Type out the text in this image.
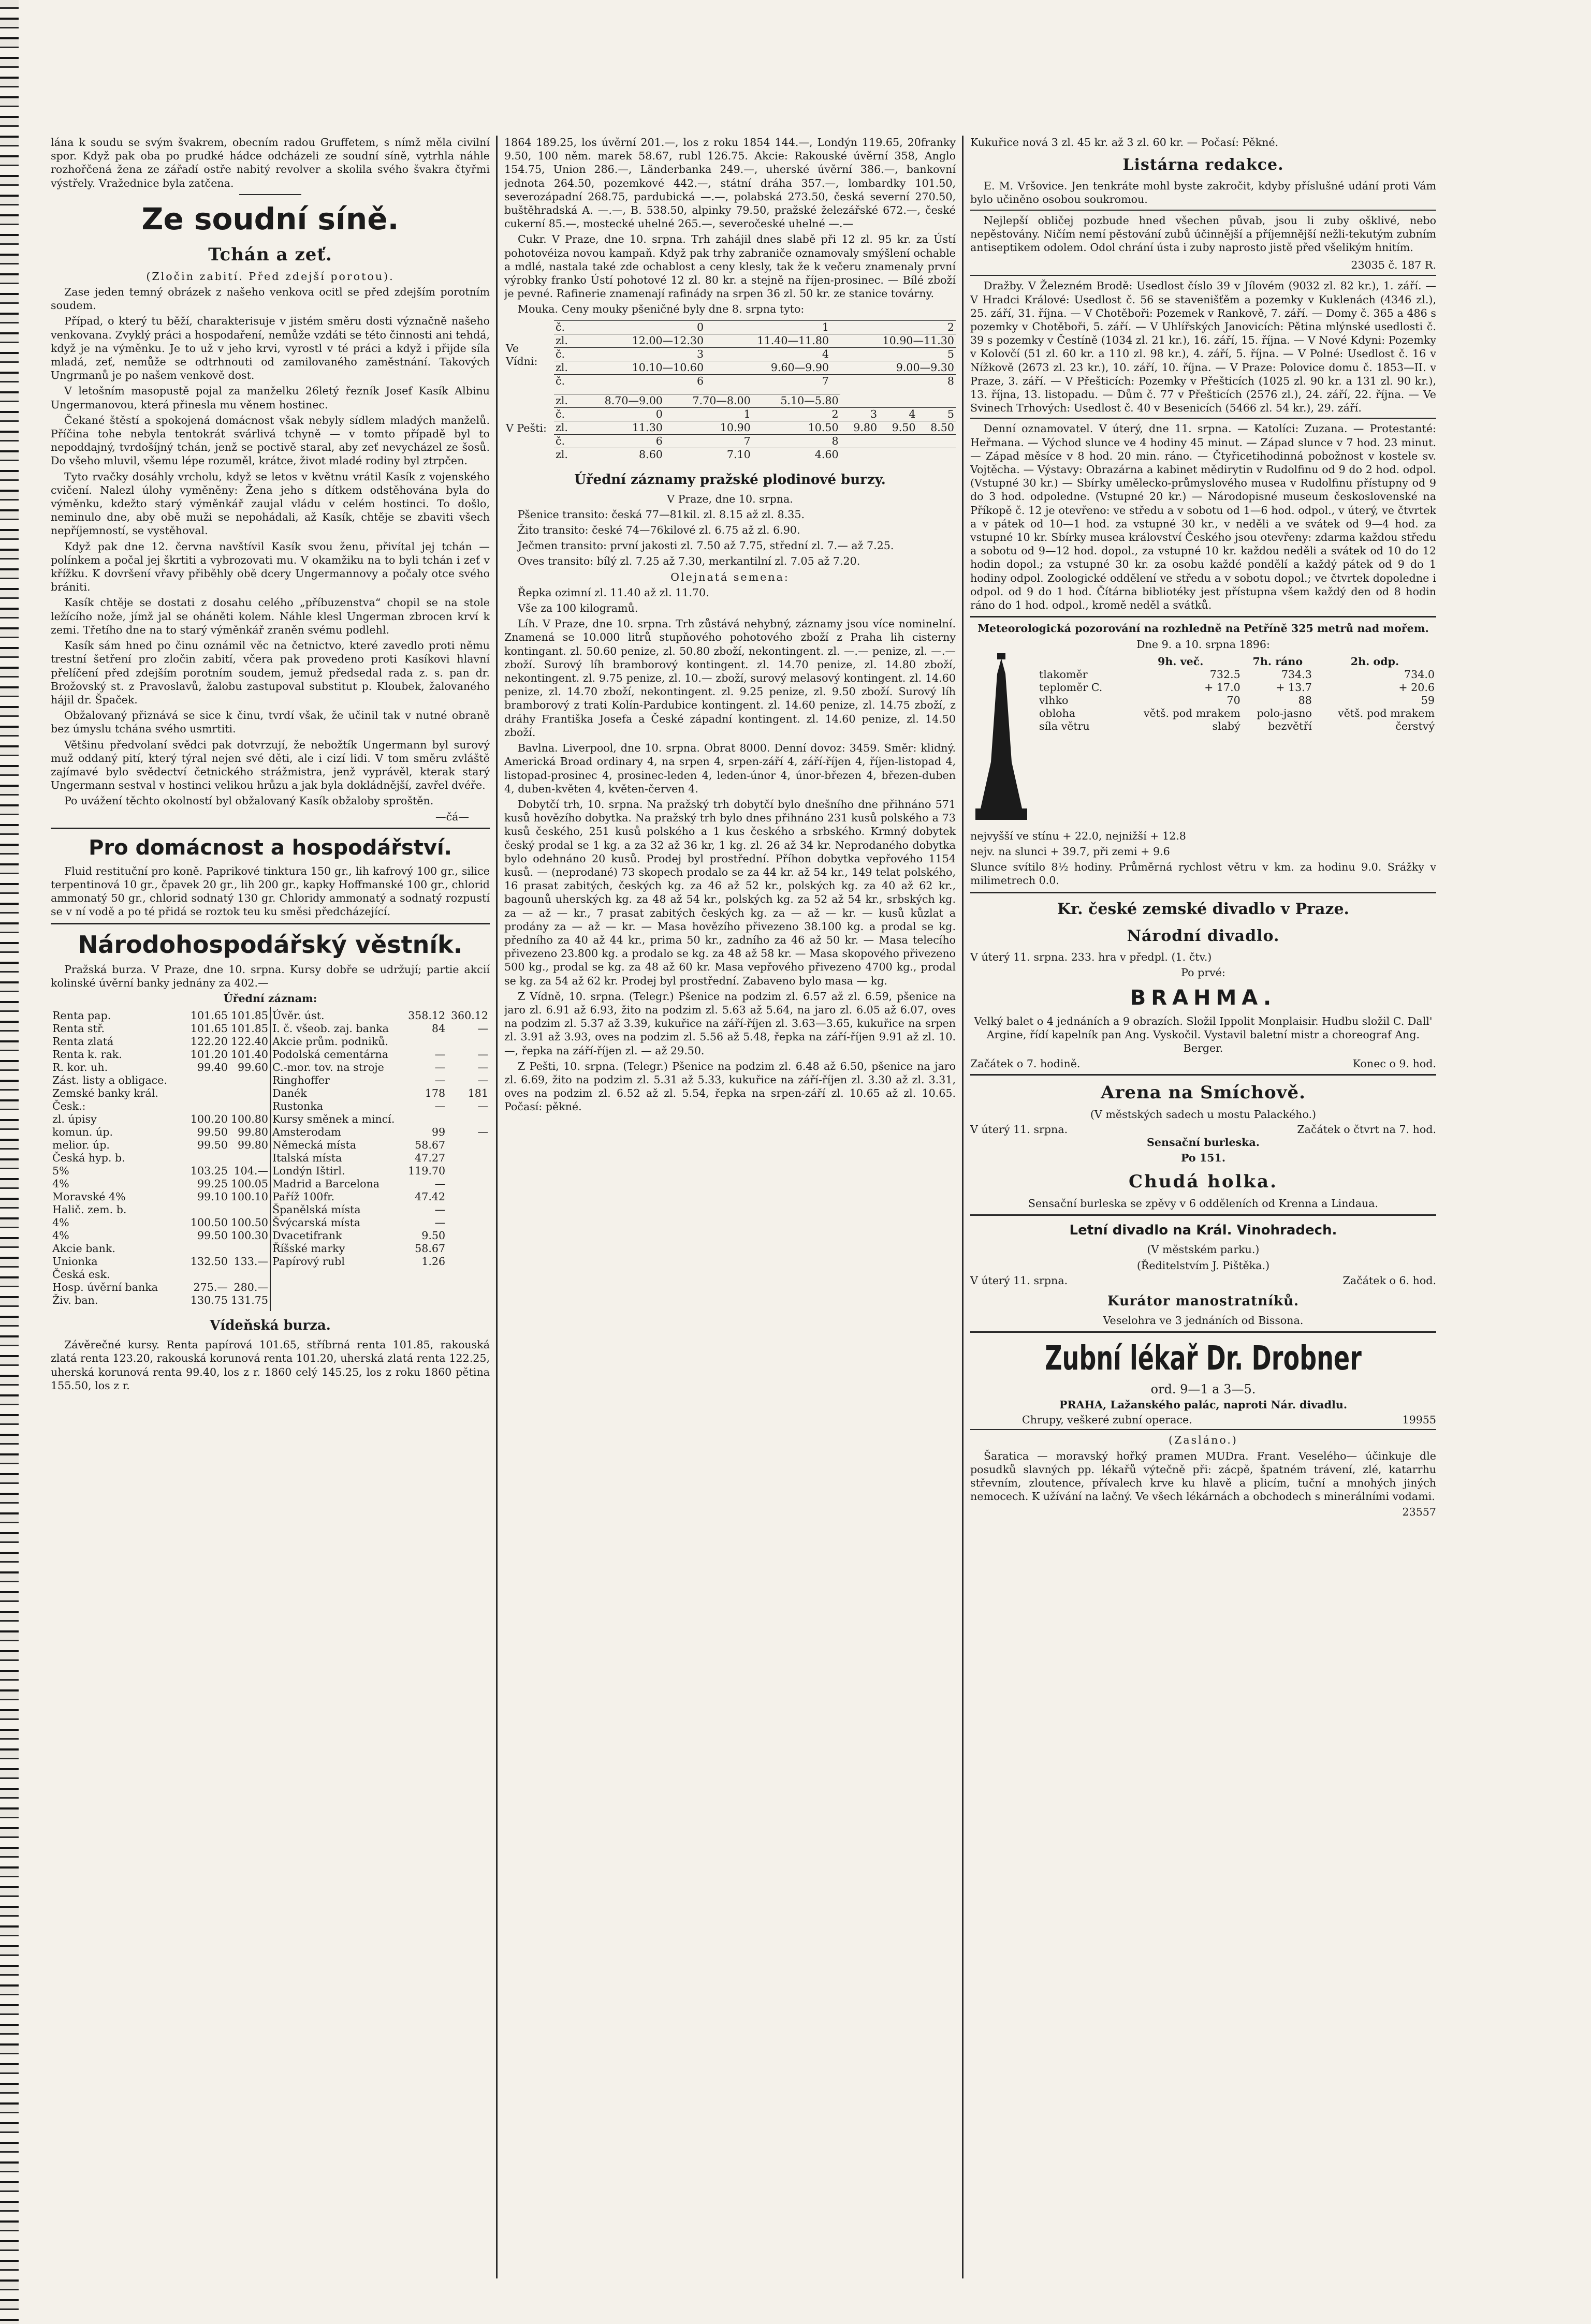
lána k soudu se svým švakrem, obecním radou Gruffetem, s nímž měla civilní spor. Když pak oba po prudké hádce odcházeli ze soudní síně, vytrhla náhle rozhořčená žena ze zářadí ostře nabitý revolver a skolila svého švakra čtyřmi výstřely. Vražednice byla zatčena.

Ze soudní síně.
Tchán a zeť.

(Zločin zabití. Před zdejší porotou).

Zase jeden temný obrázek z našeho venkova ocitl se před zdejším porotním soudem.

Případ, o který tu běží, charakterisuje v jistém směru dosti význačně našeho venkovana. Zvyklý práci a hospodaření, nemůže vzdáti se této činnosti ani tehdá, když je na výměnku. Je to už v jeho krvi, vyrostl v té práci a když i přijde síla mladá, zeť, nemůže se odtrhnouti od zamilovaného zaměstnání. Takových Ungrmanů je po našem venkově dost.

V letošním masopustě pojal za manželku 26letý řezník Josef Kasík Albinu Ungermanovou, která přinesla mu věnem hostinec.

Čekané štěstí a spokojená domácnost však nebyly sídlem mladých manželů. Příčina tohe nebyla tentokrát svárlivá tchyně — v tomto případě byl to nepoddajný, tvrdošíjný tchán, jenž se poctivě staral, aby zeť nevycházel ze šosů. Do všeho mluvil, všemu lépe rozuměl, krátce, život mladé rodiny byl ztrpčen.

Tyto rvačky dosáhly vrcholu, když se letos v květnu vrátil Kasík z vojenského cvičení. Nalezl úlohy vyměněny: Žena jeho s dítkem odstěhována byla do výměnku, kdežto starý výměnkář zaujal vládu v celém hostinci. To došlo, neminulo dne, aby obě muži se nepohádali, až Kasík, chtěje se zbaviti všech nepříjemností, se vystěhoval.

Když pak dne 12. června navštívil Kasík svou ženu, přivítal jej tchán — polínkem a počal jej škrtiti a vybrozovati mu. V okamžiku na to byli tchán i zeť v křížku. K dovršení vřavy přiběhly obě dcery Ungermannovy a počaly otce svého brániti.

Kasík chtěje se dostati z dosahu celého „příbuzenstva“ chopil se na stole ležícího nože, jímž jal se oháněti kolem. Náhle klesl Ungerman zbrocen krví k zemi. Třetího dne na to starý výměnkář zraněn svému podlehl.

Kasík sám hned po činu oznámil věc na četnictvo, které zavedlo proti němu trestní šetření pro zločin zabití, včera pak provedeno proti Kasíkovi hlavní přelíčení před zdejším porotním soudem, jemuž předsedal rada z. s. pan dr. Brožovský st. z Pravoslavů, žalobu zastupoval substitut p. Kloubek, žalovaného hájil dr. Špaček.

Obžalovaný přiznává se sice k činu, tvrdí však, že učinil tak v nutné obraně bez úmyslu tchána svého usmrtiti.

Většinu předvolaní svědci pak dotvrzují, že nebožtík Ungermann byl surový muž oddaný pití, který týral nejen své děti, ale i cizí lidi. V tom směru zvláště zajímavé bylo svědectví četnického strážmistra, jenž vyprávěl, kterak starý Ungermann sestval v hostinci velikou hrůzu a jak byla dokládnější, zavřel dvéře.

Po uvážení těchto okolností byl obžalovaný Kasík obžaloby sproštěn.

—čá—

Pro domácnost a hospodářství.

Fluid restituční pro koně. Paprikové tinktura 150 gr., lih kafrový 100 gr., silice terpentinová 10 gr., čpavek 20 gr., lih 200 gr., kapky Hoffmanské 100 gr., chlorid ammonatý 50 gr., chlorid sodnatý 130 gr. Chloridy ammonatý a sodnatý rozpustí se v ní vodě a po té přidá se roztok teu ku směsi předcházející.

Národohospodářský věstník.

Pražská burza. V Praze, dne 10. srpna. Kursy dobře se udržují; partie akcií kolinské úvěrní banky jednány za 402.—

Úřední záznam:

Renta pap.	101.65	101.85
Renta stř.	101.65	101.85
Renta zlatá	122.20	122.40
Renta k. rak.	101.20	101.40
R. kor. uh.	99.40	99.60
Zást. listy a obligace.		
Zemské banky král. Česk.:		
zl. úpisy	100.20	100.80
komun. úp.	99.50	99.80
melior. úp.	99.50	99.80
Česká hyp. b.		
5%	103.25	104.—
4%	99.25	100.05
Moravské 4%	99.10	100.10
Halič. zem. b.		
4%	100.50	100.50
4%	99.50	100.30
Akcie bank.		
Unionka	132.50	133.—
Česká esk.		
Hosp. úvěrní banka	275.—	280.—
Živ. ban.	130.75	131.75

Úvěr. úst.	358.12	360.12
I. č. všeob. zaj. banka	84	—
Akcie prům. podniků.		
Podolská cementárna	—	—
C.-mor. tov. na stroje	—	—
Ringhoffer	—	—
Danék	178	181
Rustonka	—	—
Kursy směnek a mincí.		
Amsterodam	99	—
Německá místa	58.67	
Italská místa	47.27	
Londýn Ištirl.	119.70	
Madrid a Barcelona	—	
Paříž 100fr.	47.42	
Španělská místa	—	
Švýcarská místa	—	
Dvacetifrank	9.50	
Říšské marky	58.67	
Papírový rubl	1.26	
Vídeňská burza.

Závěrečné kursy. Renta papírová 101.65, stříbrná renta 101.85, rakouská zlatá renta 123.20, rakouská korunová renta 101.20, uherská zlatá renta 122.25, uherská korunová renta 99.40, los z r. 1860 celý 145.25, los z roku 1860 pětina 155.50, los z r.

1864 189.25, los úvěrní 201.—, los z roku 1854 144.—, Londýn 119.65, 20franky 9.50, 100 něm. marek 58.67, rubl 126.75. Akcie: Rakouské úvěrní 358, Anglo 154.75, Union 286.—, Länderbanka 249.—, uherské úvěrní 386.—, bankovní jednota 264.50, pozemkové 442.—, státní dráha 357.—, lombardky 101.50, severozápadní 268.75, pardubická —.—, polabská 273.50, česká severní 270.50, buštěhradská A. —.—, B. 538.50, alpinky 79.50, pražské železářské 672.—, české cukerní 85.—, mostecké uhelné 265.—, severočeské uhelné —.—

Cukr. V Praze, dne 10. srpna. Trh zahájil dnes slabě při 12 zl. 95 kr. za Ústí pohotovéiza novou kampaň. Když pak trhy zabraniče oznamovaly smýšlení ochable a mdlé, nastala také zde ochablost a ceny klesly, tak že k večeru znamenaly první výrobky franko Ústí pohotové 12 zl. 80 kr. a stejně na říjen-prosinec. — Bílé zboží je pevné. Rafinerie znamenají rafinády na srpen 36 zl. 50 kr. ze stanice továrny.

Mouka. Ceny mouky pšeničné byly dne 8. srpna tyto:

Ve Vídni:	
č.	0	1	2
zl.	12.00—12.30	11.40—11.80	10.90—11.30
č.	3	4	5
zl.	10.10—10.60	9.60—9.90	9.00—9.30
č.	6	7	8

V Pešti:	
zl.	8.70—9.00	7.70—8.00	5.10—5.80
č.	0	1	2	3	4	5
zl.	11.30	10.90	10.50	9.80	9.50	8.50
č.	6	7	8			
zl.	8.60	7.10	4.60			
Úřední záznamy pražské plodinové burzy.

V Praze, dne 10. srpna.

Pšenice transito: česká 77—81kil. zl. 8.15 až zl. 8.35.

Žito transito: české 74—76kilové zl. 6.75 až zl. 6.90.

Ječmen transito: první jakosti zl. 7.50 až 7.75, střední zl. 7.— až 7.25.

Oves transito: bílý zl. 7.25 až 7.30, merkantilní zl. 7.05 až 7.20.

Olejnatá semena:

Řepka ozimní zl. 11.40 až zl. 11.70.

Vše za 100 kilogramů.

Líh. V Praze, dne 10. srpna. Trh zůstává nehybný, záznamy jsou více nominelní. Znamená se 10.000 litrů stupňového pohotového zboží z Praha lih cisterny kontingant. zl. 50.60 penize, zl. 50.80 zboží, nekontingent. zl. —.— penize, zl. —.— zboží. Surový líh bramborový kontingent. zl. 14.70 penize, zl. 14.80 zboží, nekontingent. zl. 9.75 penize, zl. 10.— zboží, surový melasový kontingent. zl. 14.60 penize, zl. 14.70 zboží, nekontingent. zl. 9.25 penize, zl. 9.50 zboží. Surový líh bramborový z trati Kolín-Pardubice kontingent. zl. 14.60 penize, zl. 14.75 zboží, z dráhy Františka Josefa a České západní kontingent. zl. 14.60 penize, zl. 14.50 zboží.

Bavlna. Liverpool, dne 10. srpna. Obrat 8000. Denní dovoz: 3459. Směr: klidný. Americká Broad ordinary 4, na srpen 4, srpen-září 4, září-říjen 4, říjen-listopad 4, listopad-prosinec 4, prosinec-leden 4, leden-únor 4, únor-březen 4, březen-duben 4, duben-květen 4, květen-červen 4.

Dobytčí trh, 10. srpna. Na pražský trh dobytčí bylo dnešního dne přihnáno 571 kusů hovězího dobytka. Na pražský trh bylo dnes přihnáno 231 kusů polského a 73 kusů českého, 251 kusů polského a 1 kus českého a srbského. Krmný dobytek český prodal se 1 kg. a za 32 až 36 kr, 1 kg. zl. 26 až 34 kr. Neprodaného dobytka bylo odehnáno 20 kusů. Prodej byl prostřední. Příhon dobytka vepřového 1154 kusů. — (neprodané) 73 skopech prodalo se za 44 kr. až 54 kr., 149 telat polského, 16 prasat zabitých, českých kg. za 46 až 52 kr., polských kg. za 40 až 62 kr., bagounů uherských kg. za 48 až 54 kr., polských kg. za 52 až 54 kr., srbských kg. za — až — kr., 7 prasat zabitých českých kg. za — až — kr. — kusů kůzlat a prodány za — až — kr. — Masa hovězího přivezeno 38.100 kg. a prodal se kg. předního za 40 až 44 kr., prima 50 kr., zadního za 46 až 50 kr. — Masa telecího přivezeno 23.800 kg. a prodalo se kg. za 48 až 58 kr. — Masa skopového přivezeno 500 kg., prodal se kg. za 48 až 60 kr. Masa vepřového přivezeno 4700 kg., prodal se kg. za 54 až 62 kr. Prodej byl prostřední. Zabaveno bylo masa — kg.

Z Vídně, 10. srpna. (Telegr.) Pšenice na podzim zl. 6.57 až zl. 6.59, pšenice na jaro zl. 6.91 až 6.93, žito na podzim zl. 5.63 až 5.64, na jaro zl. 6.05 až 6.07, oves na podzim zl. 5.37 až 3.39, kukuřice na září-říjen zl. 3.63—3.65, kukuřice na srpen zl. 3.91 až 3.93, oves na podzim zl. 5.56 až 5.48, řepka na září-říjen 9.91 až zl. 10.—, řepka na září-říjen zl. — až 29.50.

Z Pešti, 10. srpna. (Telegr.) Pšenice na podzim zl. 6.48 až 6.50, pšenice na jaro zl. 6.69, žito na podzim zl. 5.31 až 5.33, kukuřice na září-říjen zl. 3.30 až zl. 3.31, oves na podzim zl. 6.52 až zl. 5.54, řepka na srpen-září zl. 10.65 až zl. 10.65. Počasí: pěkné.

Kukuřice nová 3 zl. 45 kr. až 3 zl. 60 kr. — Počasí: Pěkné.

Listárna redakce.

E. M. Vršovice. Jen tenkráte mohl byste zakročit, kdyby příslušné udání proti Vám bylo učiněno osobou soukromou.

Nejlepší obličej pozbude hned všechen půvab, jsou li zuby ošklivé, nebo nepěstovány. Ničím nemí pěstování zubů účinnější a příjemnější nežli-tekutým zubním antiseptikem odolem. Odol chrání ústa i zuby naprosto jistě před všelikým hnitím.

23035 č. 187 R.

Dražby. V Železném Brodě: Usedlost číslo 39 v Jílovém (9032 zl. 82 kr.), 1. září. — V Hradci Králové: Usedlost č. 56 se stavenišťěm a pozemky v Kuklenách (4346 zl.), 25. září, 31. října. — V Chotěboři: Pozemek v Rankově, 7. září. — Domy č. 365 a 486 s pozemky v Chotěboři, 5. září. — V Uhlířských Janovicích: Pětina mlýnské usedlosti č. 39 s pozemky v Čestíně (1034 zl. 21 kr.), 16. září, 15. října. — V Nové Kdyni: Pozemky v Kolovčí (51 zl. 60 kr. a 110 zl. 98 kr.), 4. září, 5. října. — V Polné: Usedlost č. 16 v Nížkově (2673 zl. 23 kr.), 10. září, 10. října. — V Praze: Polovice domu č. 1853—II. v Praze, 3. září. — V Přešticích: Pozemky v Přešticích (1025 zl. 90 kr. a 131 zl. 90 kr.), 13. října, 13. listopadu. — Dům č. 77 v Přešticích (2576 zl.), 24. září, 22. října. — Ve Svinech Trhových: Usedlost č. 40 v Besenicích (5466 zl. 54 kr.), 29. září.

Denní oznamovatel. V úterý, dne 11. srpna. — Katolíci: Zuzana. — Protestanté: Heřmana. — Východ slunce ve 4 hodiny 45 minut. — Západ slunce v 7 hod. 23 minut. — Západ měsíce v 8 hod. 20 min. ráno. — Čtyřicetihodinná pobožnost v kostele sv. Vojtěcha. — Výstavy: Obrazárna a kabinet mědirytin v Rudolfinu od 9 do 2 hod. odpol. (Vstupné 30 kr.) — Sbírky umělecko-průmyslového musea v Rudolfinu přístupny od 9 do 3 hod. odpoledne. (Vstupné 20 kr.) — Národopisné museum československé na Příkopě č. 12 je otevřeno: ve středu a v sobotu od 1—6 hod. odpol., v úterý, ve čtvrtek a v pátek od 10—1 hod. za vstupné 30 kr., v neděli a ve svátek od 9—4 hod. za vstupné 10 kr. Sbírky musea království Českého jsou otevřeny: zdarma každou středu a sobotu od 9—12 hod. dopol., za vstupné 10 kr. každou neděli a svátek od 10 do 12 hodin dopol.; za vstupné 30 kr. za osobu každé pondělí a každý pátek od 9 do 1 hodiny odpol. Zoologické oddělení ve středu a v sobotu dopol.; ve čtvrtek dopoledne i odpol. od 9 do 1 hod. Čítárna bibliotéky jest přístupna všem každý den od 8 hodin ráno do 1 hod. odpol., kromě neděl a svátků.

Meteorologická pozorování na rozhledně na Petříně 325 metrů nad mořem.

Dne 9. a 10. srpna 1896:

	9h. več.	7h. ráno	2h. odp.
tlakoměr	732.5	734.3	734.0
teploměr C.	+ 17.0	+ 13.7	+ 20.6
vlhko	70	88	59
obloha	větš. pod mrakem	polo-jasno	větš. pod mrakem
síla větru	slabý	bezvětří	čerstvý

nejvyšší ve stínu + 22.0, nejnižší + 12.8

nejv. na slunci + 39.7, při zemi + 9.6

Slunce svítilo 8½ hodiny. Průměrná rychlost větru v km. za hodinu 9.0. Srážky v milimetrech 0.0.

Kr. české zemské divadlo v Praze.
Národní divadlo.

V úterý 11. srpna. 233. hra v předpl. (1. čtv.)

Po prvé:

BRAHMA.

Velký balet o 4 jednáních a 9 obrazích. Složil Ippolit Monplaisir. Hudbu složil C. Dall' Argine, řídí kapelník pan Ang. Vyskočil. Vystavil baletní mistr a choreograf Ang. Berger.

Začátek o 7. hodině.	Konec o 9. hod.
Arena na Smíchově.

(V městských sadech u mostu Palackého.)

V úterý 11. srpna.	Začátek o čtvrt na 7. hod.

Sensační burleska.

Po 151.

Chudá holka.

Sensační burleska se zpěvy v 6 odděleních od Krenna a Lindaua.

Letní divadlo na Král. Vinohradech.

(V městském parku.)

(Ředitelstvím J. Pištěka.)

V úterý 11. srpna.	Začátek o 6. hod.
Kurátor manostratníků.

Veselohra ve 3 jednáních od Bissona.

Zubní lékař Dr. Drobner

ord. 9—1 a 3—5.

PRAHA, Lažanského palác, naproti Nár. divadlu.

Chrupy, veškeré zubní operace.	19955

(Zasláno.)

Šaratica — moravský hořký pramen MUDra. Frant. Veselého— účinkuje dle posudků slavných pp. lékařů výtečně při: zácpě, špatném trávení, zlé, katarrhu střevním, zloutence, přívalech krve ku hlavě a plicím, tuční a mnohých jiných nemocech. K užívání na lačný. Ve všech lékárnách a obchodech s minerálními vodami.

23557
